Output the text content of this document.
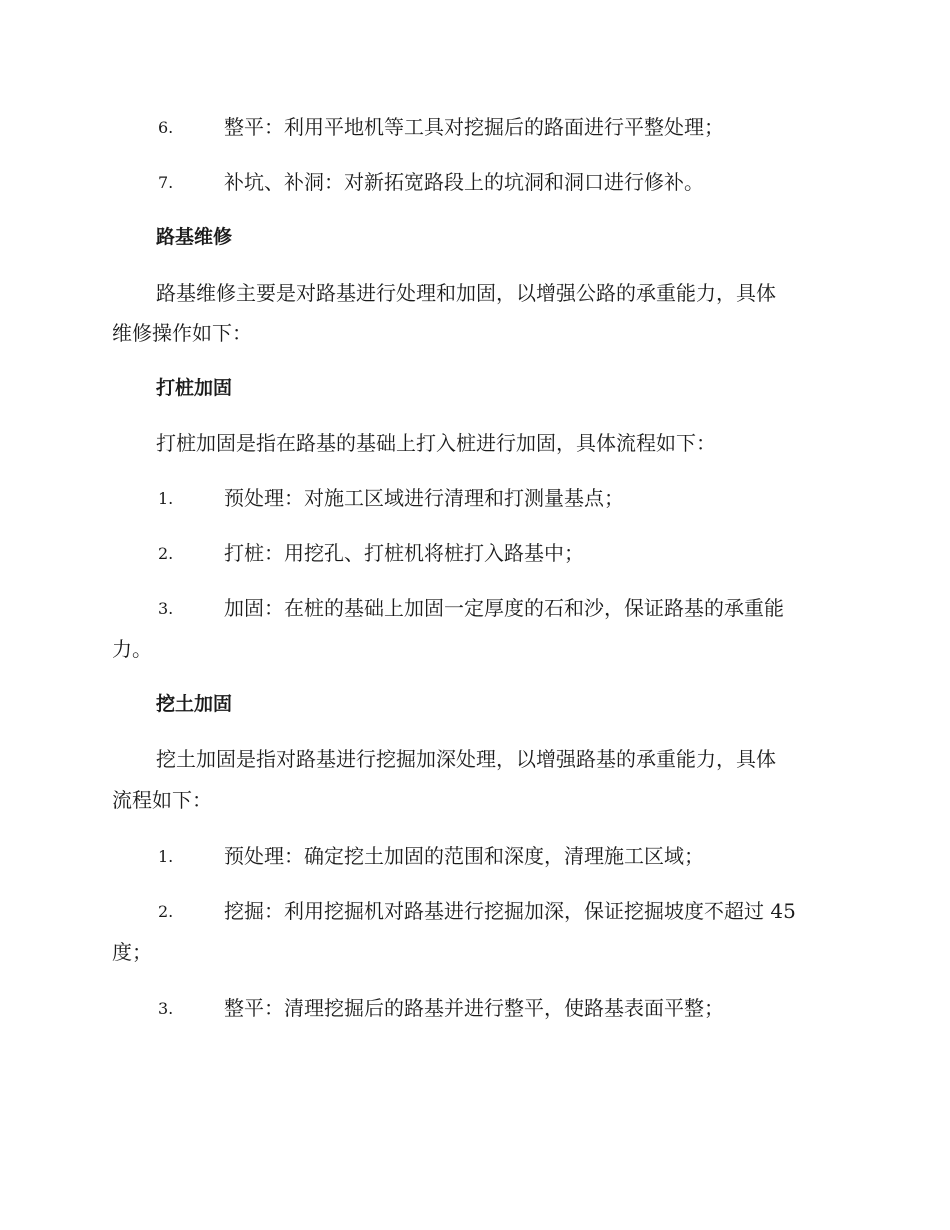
6.	整平：利用平地机等工具对挖掘后的路面进行平整处理；
7.	补坑、补洞：对新拓宽路段上的坑洞和洞口进行修补。
路基维修
路基维修主要是对路基进行处理和加固，以增强公路的承重能力，具体
维修操作如下：
打桩加固
打桩加固是指在路基的基础上打入桩进行加固，具体流程如下：
1.	预处理：对施工区域进行清理和打测量基点；
2.	打桩：用挖孔、打桩机将桩打入路基中；
3.	加固：在桩的基础上加固一定厚度的石和沙，保证路基的承重能
力。
挖土加固
挖土加固是指对路基进行挖掘加深处理，以增强路基的承重能力，具体
流程如下：
1.	预处理：确定挖土加固的范围和深度，清理施工区域；
2.	挖掘：利用挖掘机对路基进行挖掘加深，保证挖掘坡度不超过 45
度；
3.	整平：清理挖掘后的路基并进行整平，使路基表面平整；
